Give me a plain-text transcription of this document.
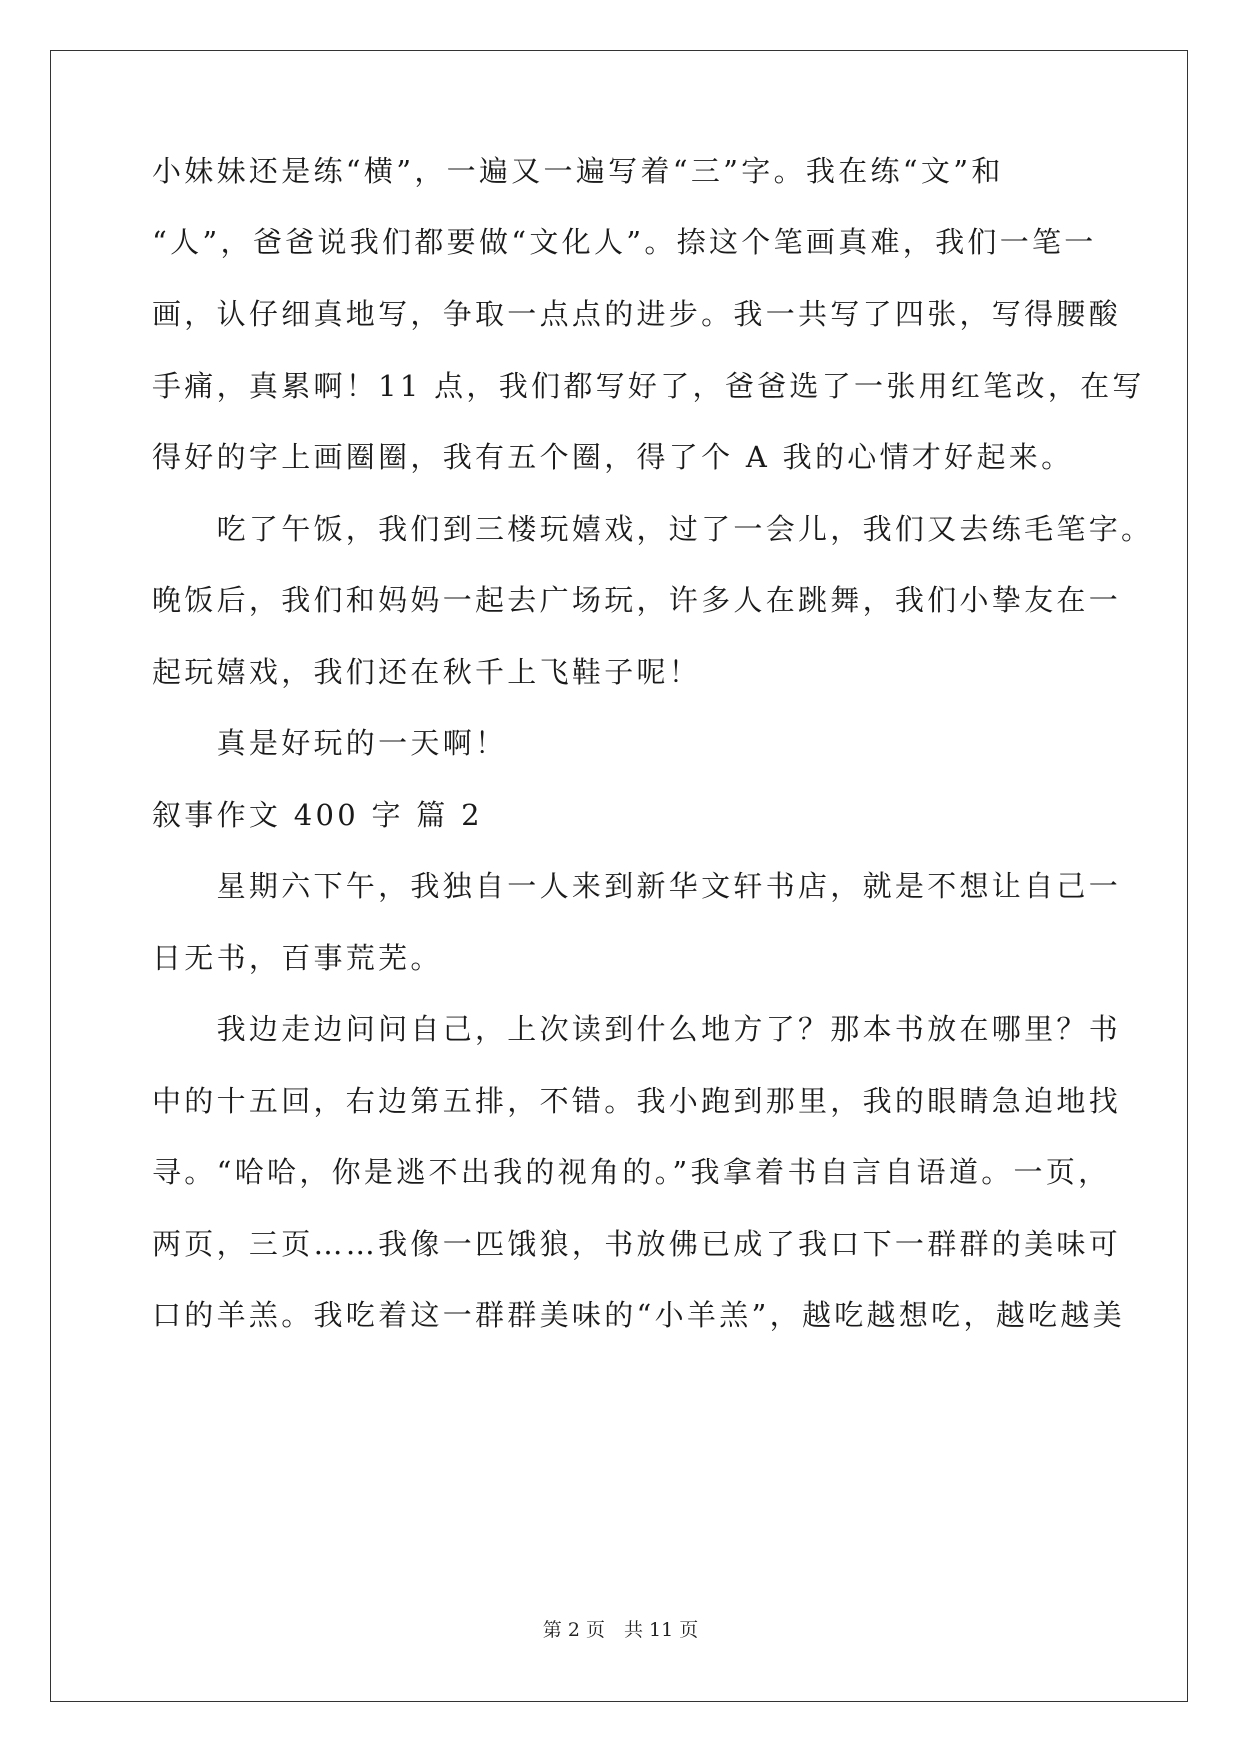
小妹妹还是练“横”，一遍又一遍写着“三”字。我在练“文”和
“人”，爸爸说我们都要做“文化人”。捺这个笔画真难，我们一笔一
画，认仔细真地写，争取一点点的进步。我一共写了四张，写得腰酸
手痛，真累啊！11 点，我们都写好了，爸爸选了一张用红笔改，在写
得好的字上画圈圈，我有五个圈，得了个 A 我的心情才好起来。
　　吃了午饭，我们到三楼玩嬉戏，过了一会儿，我们又去练毛笔字。
晚饭后，我们和妈妈一起去广场玩，许多人在跳舞，我们小挚友在一
起玩嬉戏，我们还在秋千上飞鞋子呢！
　　真是好玩的一天啊！
叙事作文 400 字 篇 2
　　星期六下午，我独自一人来到新华文轩书店，就是不想让自己一
日无书，百事荒芜。
　　我边走边问问自己，上次读到什么地方了？那本书放在哪里？书
中的十五回，右边第五排，不错。我小跑到那里，我的眼睛急迫地找
寻。“哈哈，你是逃不出我的视角的。”我拿着书自言自语道。一页，
两页，三页……我像一匹饿狼，书放佛已成了我口下一群群的美味可
口的羊羔。我吃着这一群群美味的“小羊羔”，越吃越想吃，越吃越美
第 2 页　共 11 页
